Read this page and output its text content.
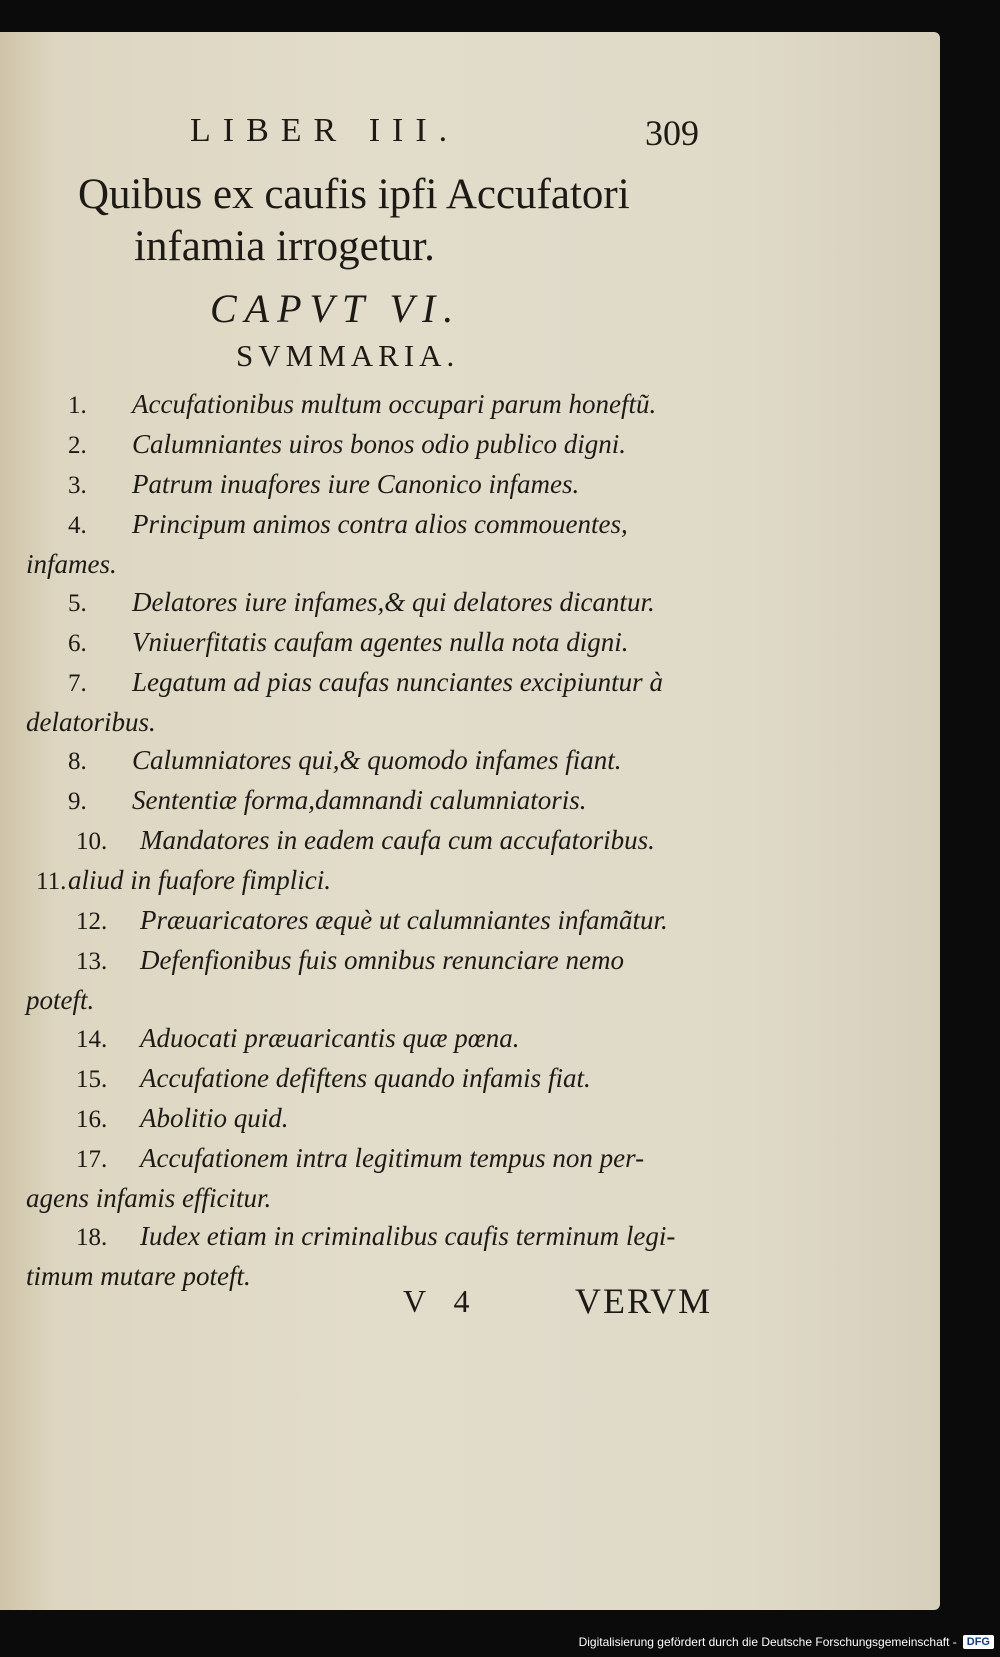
LIBER III.	309
Quibus ex caufis ipfi Accufatori
infamia irrogetur.
CAPVT VI.
SVMMARIA.
1. Accufationibus multum occupari parum honeftũ.
2. Calumniantes uiros bonos odio publico digni.
3. Patrum inuafores iure Canonico infames.
4. Principum animos contra alios commouentes,
infames.
5. Delatores iure infames,& qui delatores dicantur.
6. Vniuerfitatis caufam agentes nulla nota digni.
7. Legatum ad pias caufas nunciantes excipiuntur à
delatoribus.
8. Calumniatores qui,& quomodo infames fiant.
9. Sententiæ forma,damnandi calumniatoris.
10. Mandatores in eadem caufa cum accufatoribus.
11.aliud in fuafore fimplici.
12. Præuaricatores æquè ut calumniantes infamãtur.
13. Defenfionibus fuis omnibus renunciare nemo
poteft.
14. Aduocati præuaricantis quæ pœna.
15. Accufatione defiftens quando infamis fiat.
16. Abolitio quid.
17. Accufationem intra legitimum tempus non per-
agens infamis efficitur.
18. Iudex etiam in criminalibus caufis terminum legi-
timum mutare poteft.
V 4	VERVM
Digitalisierung gefördert durch die Deutsche Forschungsgemeinschaft - DFG
